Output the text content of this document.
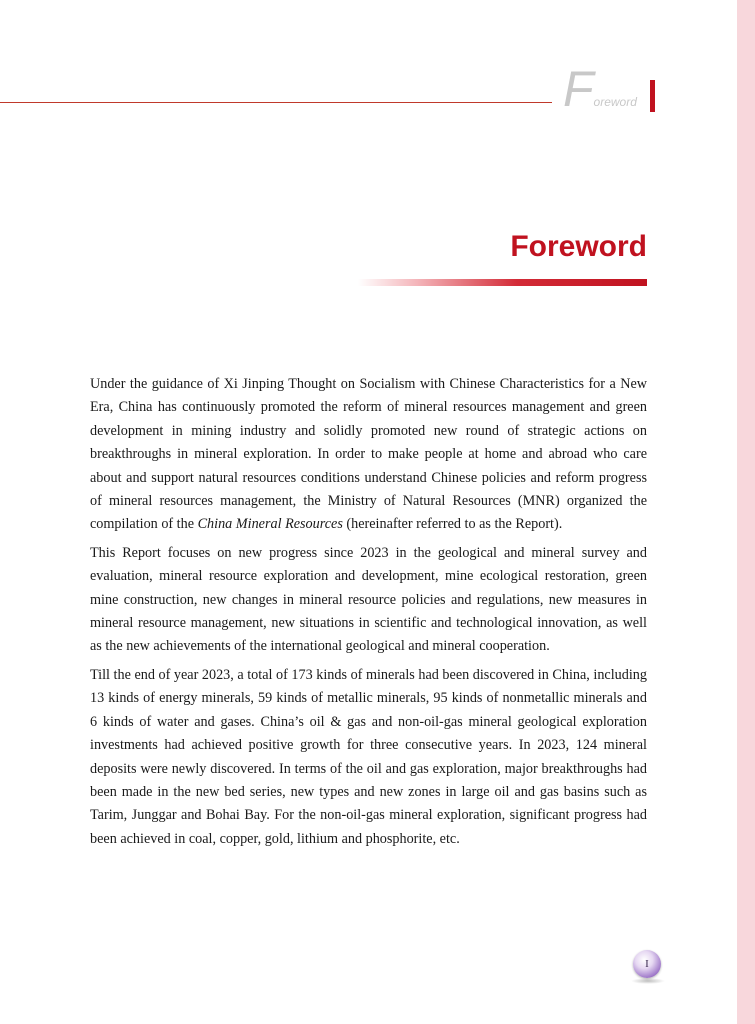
Foreword
Foreword

Under the guidance of Xi Jinping Thought on Socialism with Chinese Characteristics for a New Era, China has continuously promoted the reform of mineral resources management and green development in mining industry and solidly promoted new round of strategic actions on breakthroughs in mineral exploration. In order to make people at home and abroad who care about and support natural resources conditions understand Chinese policies and reform progress of mineral resources management, the Ministry of Natural Resources (MNR) organized the compilation of the China Mineral Resources (hereinafter referred to as the Report).

This Report focuses on new progress since 2023 in the geological and mineral survey and evaluation, mineral resource exploration and development, mine ecological restoration, green mine construction, new changes in mineral resource policies and regulations, new measures in mineral resource management, new situations in scientific and technological innovation, as well as the new achievements of the international geological and mineral cooperation.

Till the end of year 2023, a total of 173 kinds of minerals had been discovered in China, including 13 kinds of energy minerals, 59 kinds of metallic minerals, 95 kinds of nonmetallic minerals and 6 kinds of water and gases. China’s oil & gas and non-oil-gas mineral geological exploration investments had achieved positive growth for three consecutive years. In 2023, 124 mineral deposits were newly discovered. In terms of the oil and gas exploration, major breakthroughs had been made in the new bed series, new types and new zones in large oil and gas basins such as Tarim, Junggar and Bohai Bay. For the non-oil-gas mineral exploration, significant progress had been achieved in coal, copper, gold, lithium and phosphorite, etc.

I
